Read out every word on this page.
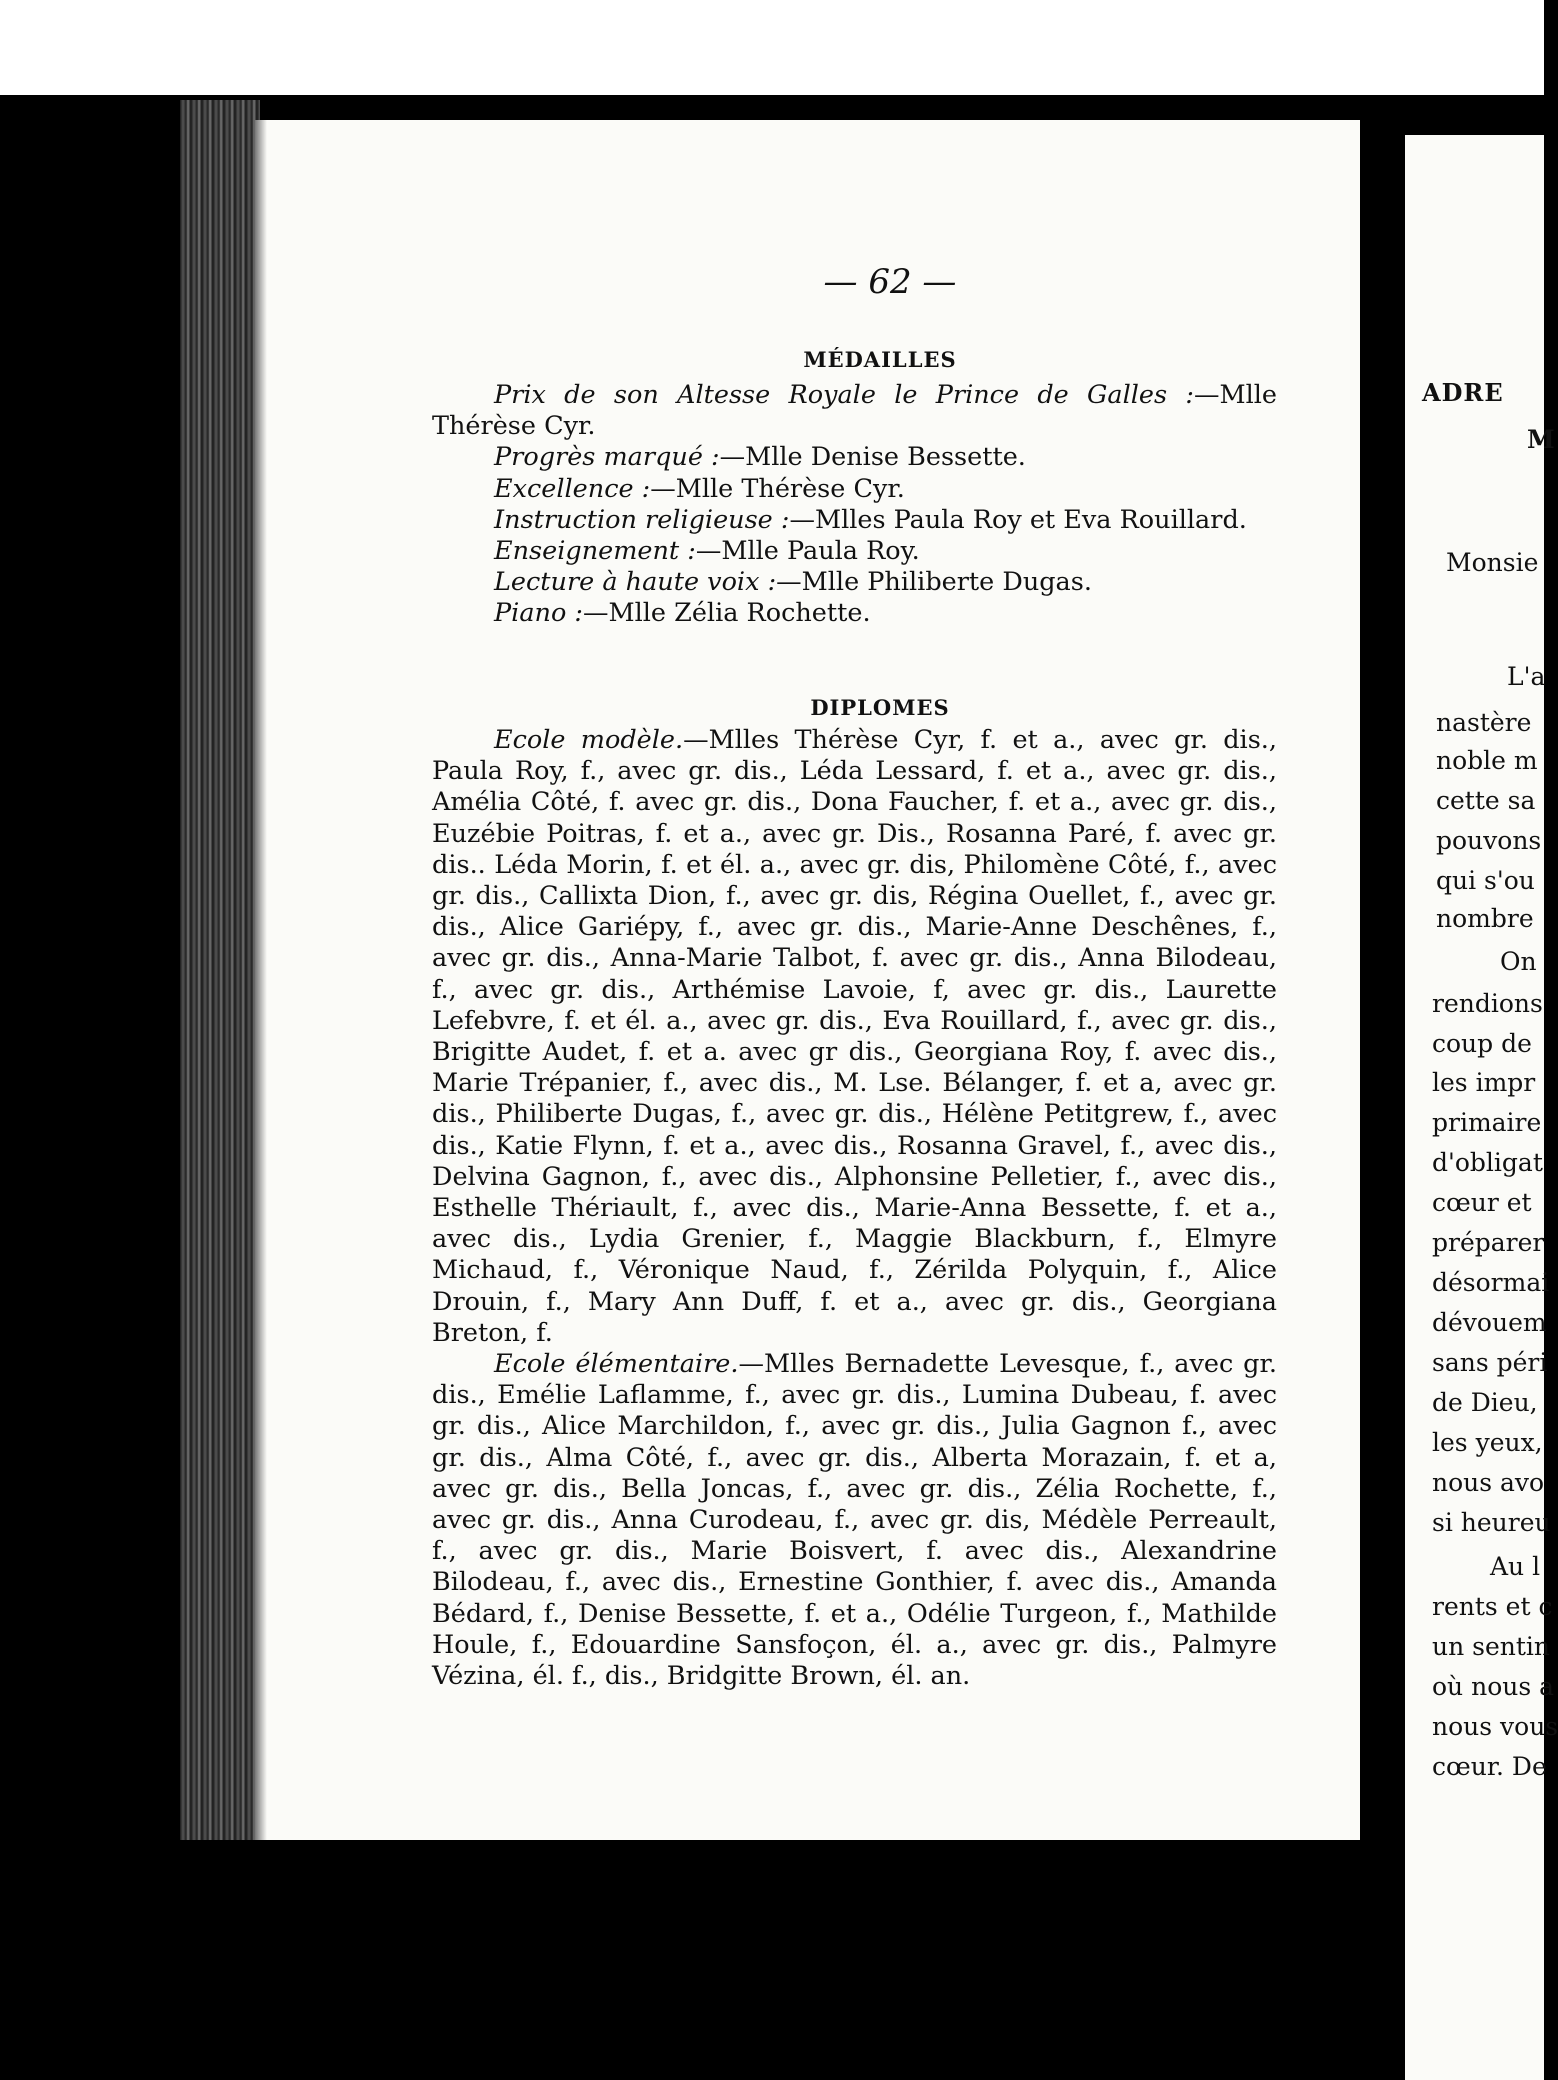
— 62 —
MÉDAILLES

Prix de son Altesse Royale le Prince de Galles :—Mlle Thérèse Cyr.

Progrès marqué :—Mlle Denise Bessette.

Excellence :—Mlle Thérèse Cyr.

Instruction religieuse :—Mlles Paula Roy et Eva Rouillard.

Enseignement :—Mlle Paula Roy.

Lecture à haute voix :—Mlle Philiberte Dugas.

Piano :—Mlle Zélia Rochette.

DIPLOMES

Ecole modèle.—Mlles Thérèse Cyr, f. et a., avec gr. dis., Paula Roy, f., avec gr. dis., Léda Lessard, f. et a., avec gr. dis., Amélia Côté, f. avec gr. dis., Dona Faucher, f. et a., avec gr. dis., Euzébie Poitras, f. et a., avec gr. Dis., Rosanna Paré, f. avec gr. dis.. Léda Morin, f. et él. a., avec gr. dis, Philomène Côté, f., avec gr. dis., Callixta Dion, f., avec gr. dis, Régina Ouellet, f., avec gr. dis., Alice Gariépy, f., avec gr. dis., Marie-Anne Deschênes, f., avec gr. dis., Anna-Marie Talbot, f. avec gr. dis., Anna Bilodeau, f., avec gr. dis., Arthémise Lavoie, f, avec gr. dis., Laurette Lefebvre, f. et él. a., avec gr. dis., Eva Rouillard, f., avec gr. dis., Brigitte Audet, f. et a. avec gr dis., Georgiana Roy, f. avec dis., Marie Trépanier, f., avec dis., M. Lse. Bélanger, f. et a, avec gr. dis., Philiberte Dugas, f., avec gr. dis., Hélène Petitgrew, f., avec dis., Katie Flynn, f. et a., avec dis., Rosanna Gravel, f., avec dis., Delvina Gagnon, f., avec dis., Alphonsine Pelletier, f., avec dis., Esthelle Thériault, f., avec dis., Marie-Anna Bessette, f. et a., avec dis., Lydia Grenier, f., Maggie Blackburn, f., Elmyre Michaud, f., Véronique Naud, f., Zérilda Polyquin, f., Alice Drouin, f., Mary Ann Duff, f. et a., avec gr. dis., Georgiana Breton, f.

Ecole élémentaire.—Mlles Bernadette Levesque, f., avec gr. dis., Emélie Laflamme, f., avec gr. dis., Lumina Dubeau, f. avec gr. dis., Alice Marchildon, f., avec gr. dis., Julia Gagnon f., avec gr. dis., Alma Côté, f., avec gr. dis., Alberta Morazain, f. et a, avec gr. dis., Bella Joncas, f., avec gr. dis., Zélia Rochette, f., avec gr. dis., Anna Curodeau, f., avec gr. dis, Médèle Perreault, f., avec gr. dis., Marie Boisvert, f. avec dis., Alexandrine Bilodeau, f., avec dis., Ernestine Gonthier, f. avec dis., Amanda Bédard, f., Denise Bessette, f. et a., Odélie Turgeon, f., Mathilde Houle, f., Edouardine Sansfoçon, él. a., avec gr. dis., Palmyre Vézina, él. f., dis., Bridgitte Brown, él. an.

ADRE
M
Monsie
L'a
nastère
noble m
cette sa
pouvons
qui s'ou
nombre
On
rendions
coup de
les impr
primaire
d'obligat
cœur et
préparer
désormai
dévouem
sans péri
de Dieu,
les yeux,
nous avo
si heureu
Au l
rents et c
un sentin
où nous a
nous vous
cœur. De
